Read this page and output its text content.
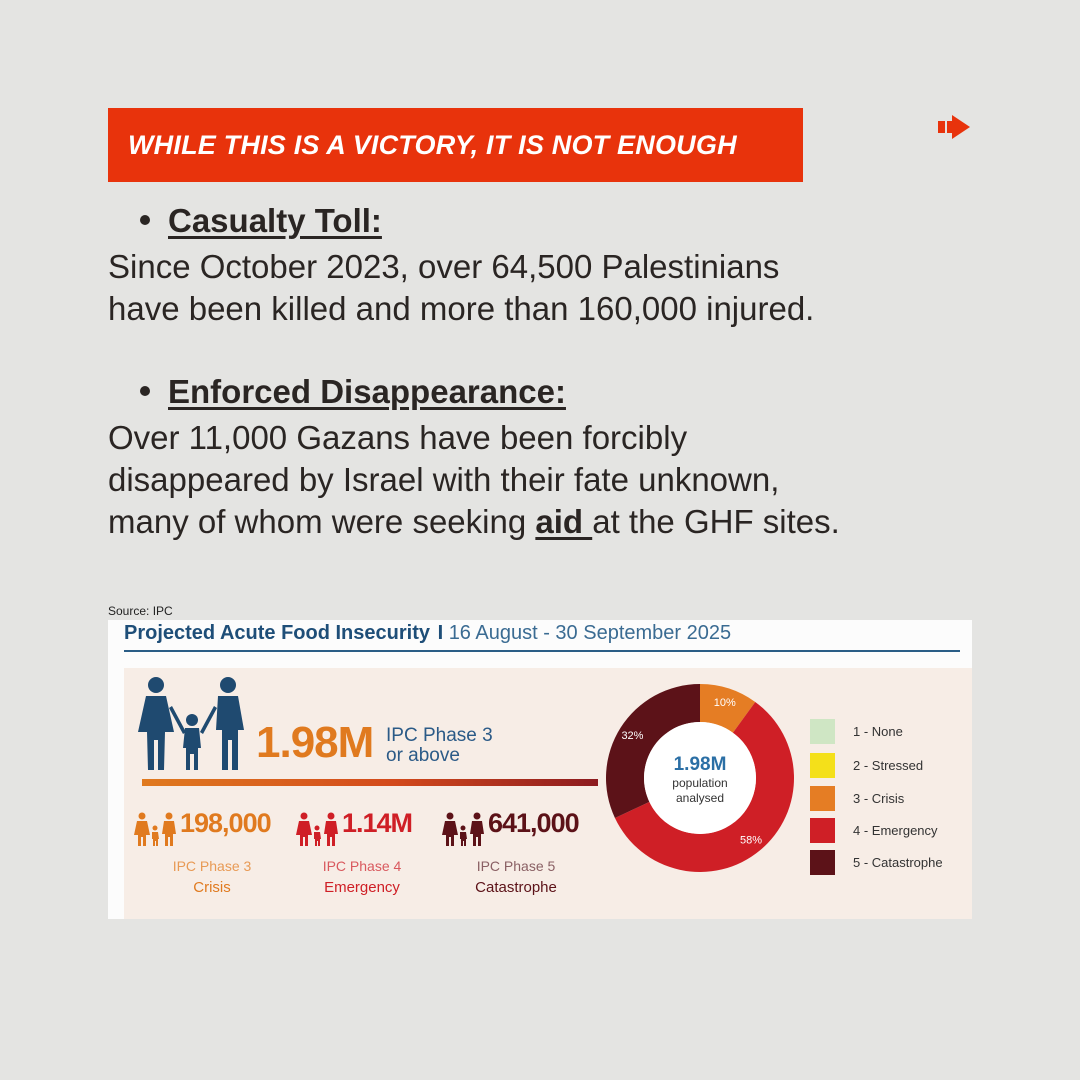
WHILE THIS IS A VICTORY, IT IS NOT ENOUGH
Casualty Toll:
Since October 2023, over 64,500 Palestinians
have been killed and more than 160,000 injured.
Enforced Disappearance:
Over 11,000 Gazans have been forcibly
disappeared by Israel with their fate unknown,
many of whom were seeking aid at the GHF sites.
Source: IPC
Projected Acute Food Insecurity I 16 August - 30 September 2025
1.98M IPC Phase 3
or above
198,000
IPC Phase 3
Crisis
1.14M
IPC Phase 4
Emergency
641,000
IPC Phase 5
Catastrophe
10%
58%
32%
1.98M
population
analysed
1 - None
2 - Stressed
3 - Crisis
4 - Emergency
5 - Catastrophe
